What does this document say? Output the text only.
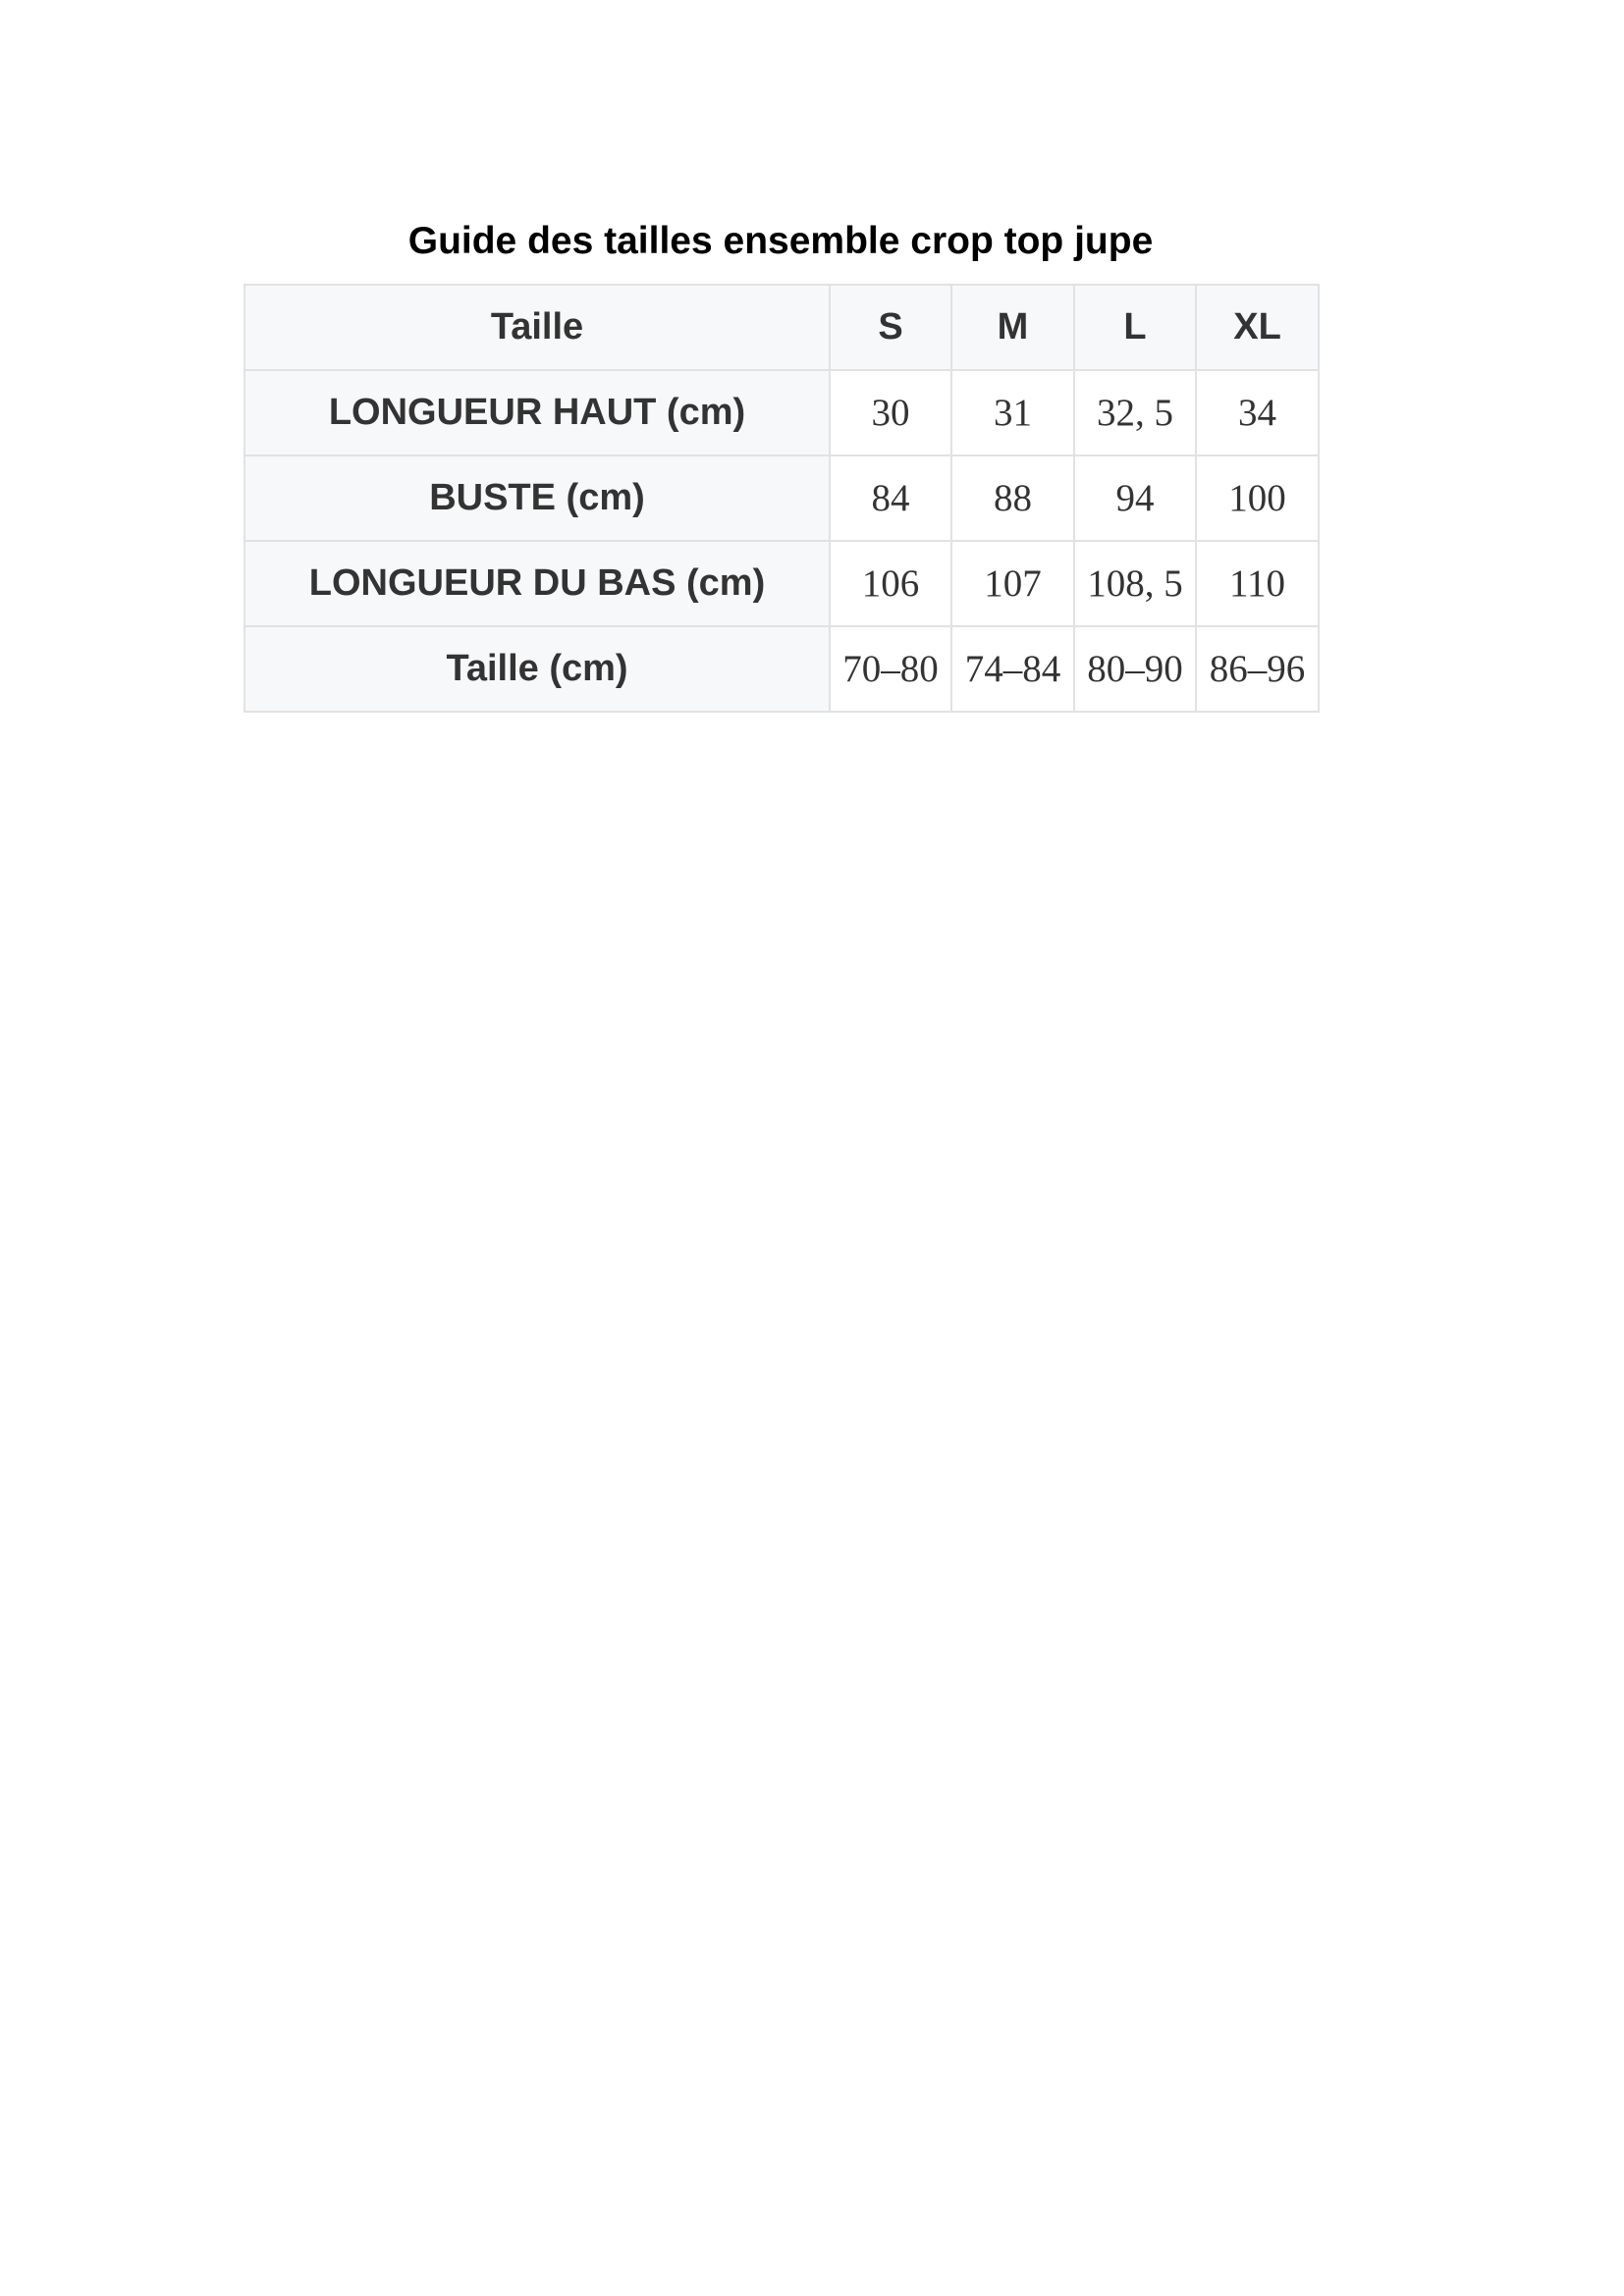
Guide des tailles ensemble crop top jupe
Taille	S	M	L	XL
LONGUEUR HAUT (cm)	30	31	32, 5	34
BUSTE (cm)	84	88	94	100
LONGUEUR DU BAS (cm)	106	107	108, 5	110
Taille (cm)	70–80	74–84	80–90	86–96
